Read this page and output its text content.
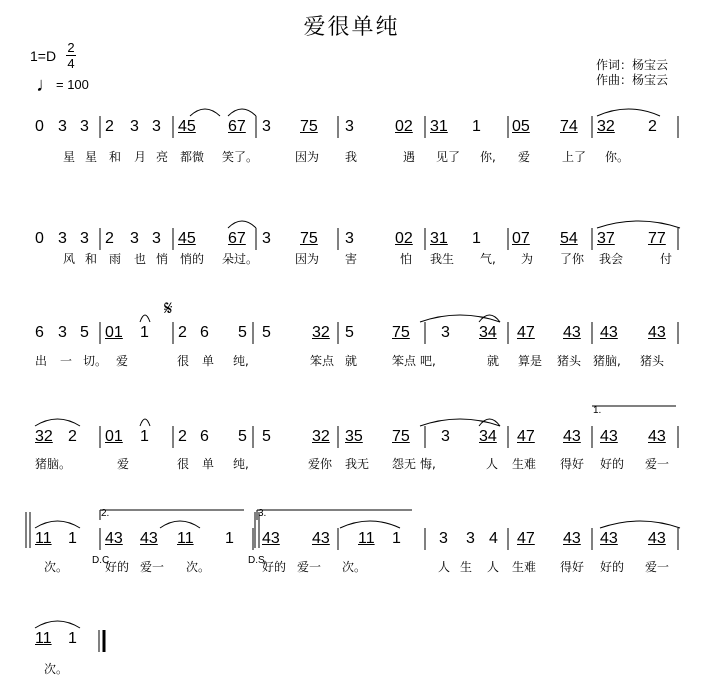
爱很单纯
1=D
2
4
♩= 100
作词：杨宝云
作曲：杨宝云
0 3 3 2 3 3 45 67 3 75 3	02 31 1 05 74 32 2
星 星 和 月 亮 都微 笑了。	因为 我	遇 见了 你, 爱	上了 你。
0 3 3 2 3 3 45 67 3 75 3	02 31 1 07 54 37 77
风 和 雨 也 悄 悄的 朵过。	因为 害	怕 我生 气, 为 了你 我会	付
6 3 5 01 1 2 6 5 5	32 5 75 3 34 47 43 43 43
出 一 切。 爱	很 单 纯,	笨点 就	笨点 吧,	就 算是 猪头 猪脑, 猪头
32 2 01 1 2 6 5 5	32 35 75 3 34 47 43 43 43
猪脑。	爱	很 单 纯,	爱你 我无 怨无 悔,	人 生难 得好 好的 爱一
11 1 43 43 11 1 43 43 11 1 3 3 4 47 43 43 43
次。	好的 爱一 次。	好的 爱一 次。	人 生 人 生难 得好 好的 爱一
11 1
次。
𝄋
1.
2.	3.
D.C.	D.S.
